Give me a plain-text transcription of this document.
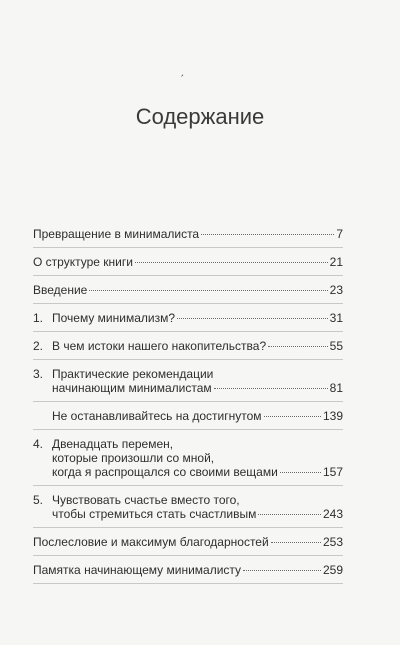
ˊ
Содержание
Превращение в минималиста	7
О структуре книги	21
Введение	23
1. Почему минимализм?	31
2. В чем истоки нашего накопительства?	55
3. Практические рекомендации
начинающим минималистам	81
Не останавливайтесь на достигнутом	139
4. Двенадцать перемен,
которые произошли со мной,
когда я распрощался со своими вещами	157
5. Чувствовать счастье вместо того,
чтобы стремиться стать счастливым	243
Послесловие и максимум благодарностей	253
Памятка начинающему минималисту	259
